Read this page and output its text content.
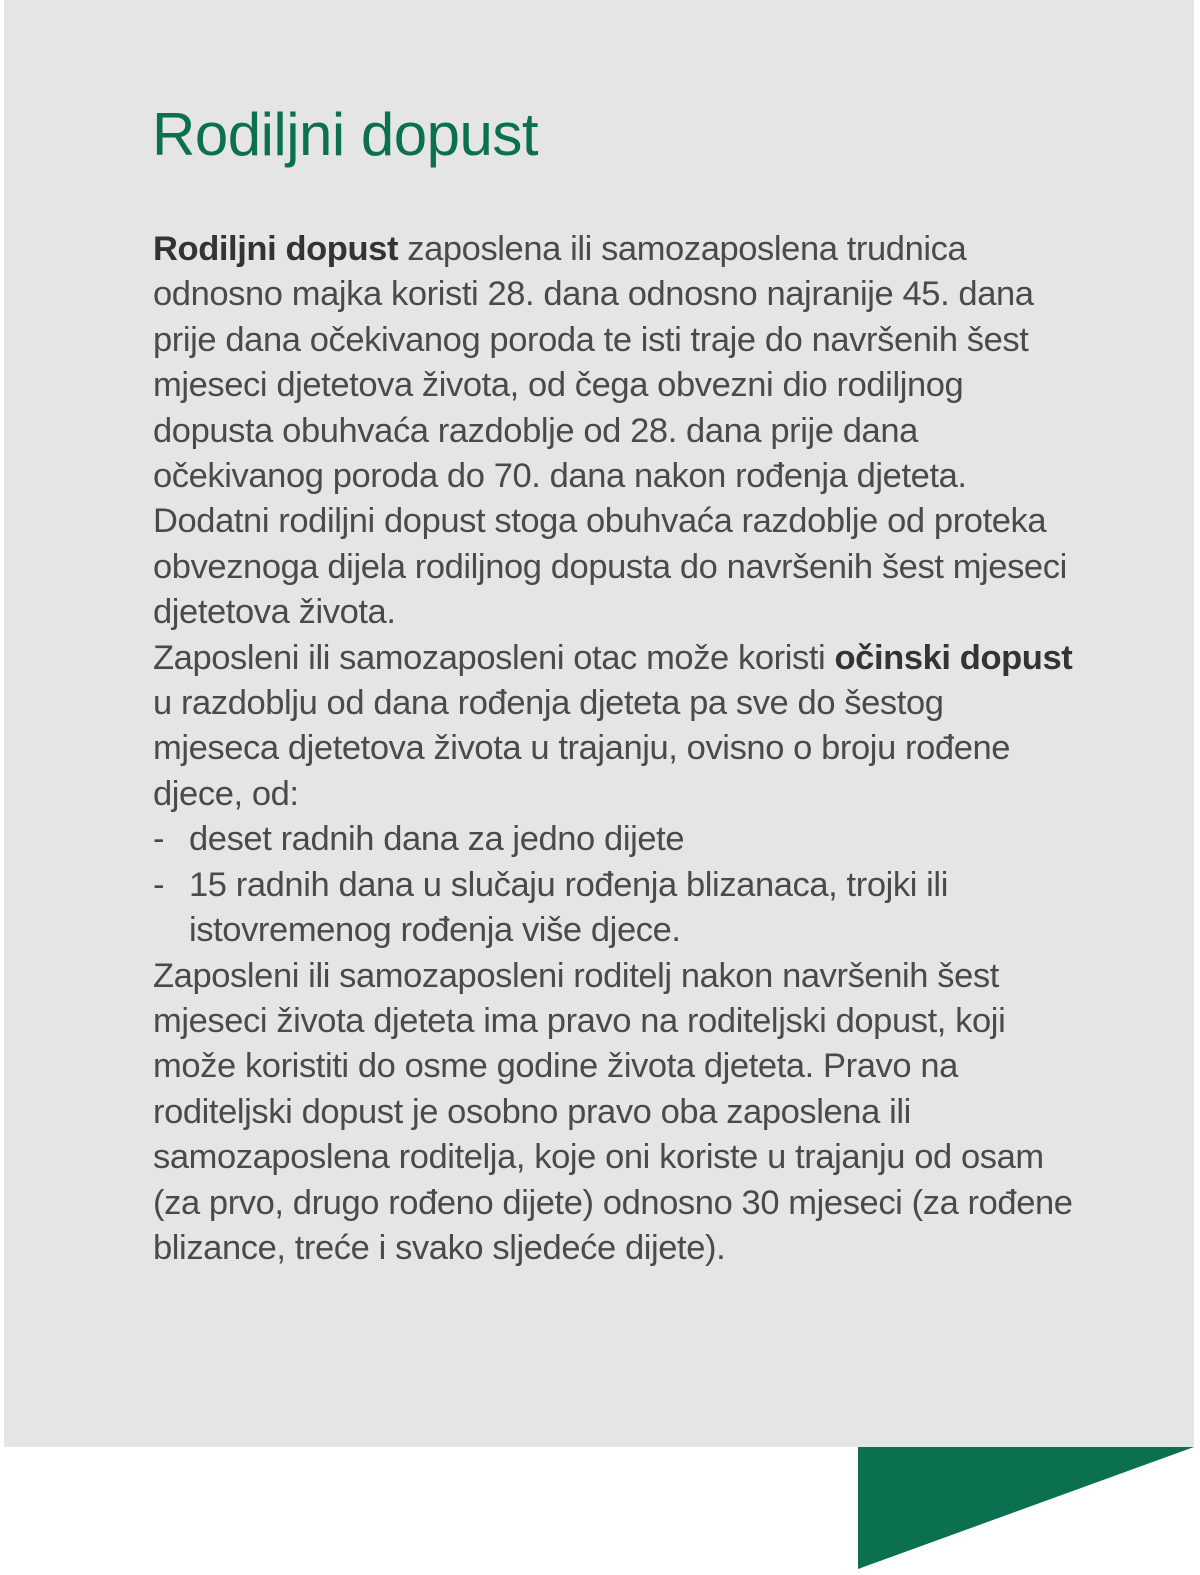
Rodiljni dopust

Rodiljni dopust zaposlena ili samozaposlena trudnica odnosno majka koristi 28. dana odnosno najranije 45. dana prije dana očekivanog poroda te isti traje do navršenih šest mjeseci djetetova života, od čega obvezni dio rodiljnog dopusta obuhvaća razdoblje od 28. dana prije dana očekivanog poroda do 70. dana nakon rođenja djeteta. Dodatni rodiljni dopust stoga obuhvaća razdoblje od proteka obveznoga dijela rodiljnog dopusta do navršenih šest mjeseci djetetova života.

Zaposleni ili samozaposleni otac može koristi očinski dopust u razdoblju od dana rođenja djeteta pa sve do šestog mjeseca djetetova života u trajanju, ovisno o broju rođene djece, od:

- deset radnih dana za jedno dijete
- 15 radnih dana u slučaju rođenja blizanaca, trojki ili istovremenog rođenja više djece.

Zaposleni ili samozaposleni roditelj nakon navršenih šest mjeseci života djeteta ima pravo na roditeljski dopust, koji može koristiti do osme godine života djeteta. Pravo na roditeljski dopust je osobno pravo oba zaposlena ili samozaposlena roditelja, koje oni koriste u trajanju od osam (za prvo, drugo rođeno dijete) odnosno 30 mjeseci (za rođene blizance, treće i svako sljedeće dijete).
